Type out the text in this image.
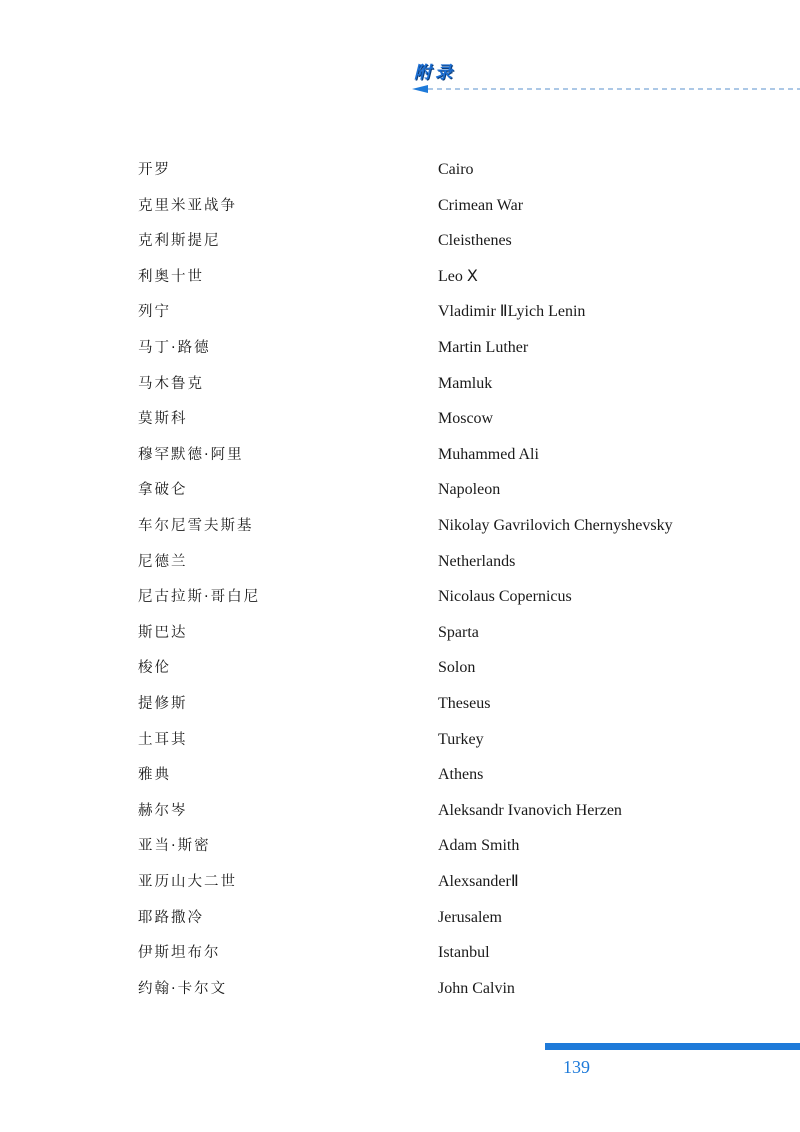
附录
开罗	Cairo
克里米亚战争	Crimean War
克利斯提尼	Cleisthenes
利奥十世	Leo Ⅹ
列宁	Vladimir ⅡLyich Lenin
马丁·路德	Martin Luther
马木鲁克	Mamluk
莫斯科	Moscow
穆罕默德·阿里	Muhammed Ali
拿破仑	Napoleon
车尔尼雪夫斯基	Nikolay Gavrilovich Chernyshevsky
尼德兰	Netherlands
尼古拉斯·哥白尼	Nicolaus Copernicus
斯巴达	Sparta
梭伦	Solon
提修斯	Theseus
土耳其	Turkey
雅典	Athens
赫尔岑	Aleksandr Ivanovich Herzen
亚当·斯密	Adam Smith
亚历山大二世	AlexsanderⅡ
耶路撒冷	Jerusalem
伊斯坦布尔	Istanbul
约翰·卡尔文	John Calvin
139
